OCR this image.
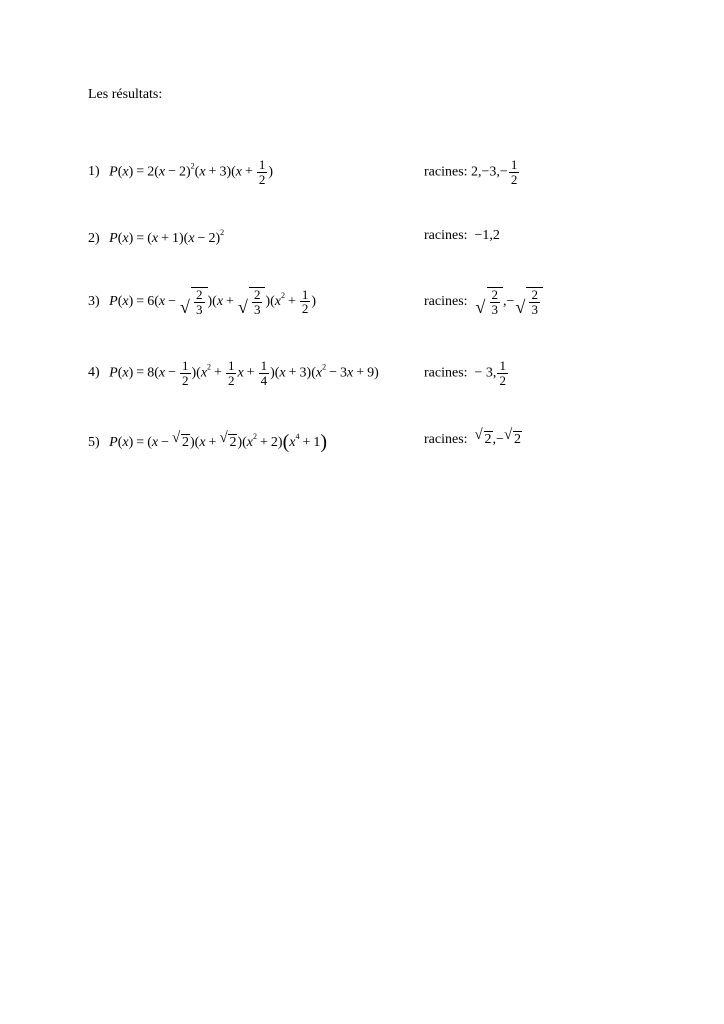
Les résultats:
1) $P(x) = 2(x - 2)^2(x + 3)(x + \frac{1}{2}$ )	racines: $2,-3,- \frac{1}{2}$
2) $P(x) = (x + 1)(x - 2)^2$	racines: −1,2
3) P(x) = 6(x − √ $\frac{2}{3} )(x$ + √ $\frac{2}{3} )(x^2 + \frac{1}{2}$ )	racines: √ $\frac{2}{3}$ ,− √ $\frac{2}{3}$
4) $P(x) = 8(x - \frac{1}{2} )(x^2 + \frac{1}{2}$ $x + \frac{1}{4} )(x + 3)(x^2 - 3x + 9)$	racines: − 3, $\frac{1}{2}$
5) P(x) = (x − √ 2)(x + √ $2)(x^2 + 2)(x^4 + 1)$	racines: √ 2,− √ 2
